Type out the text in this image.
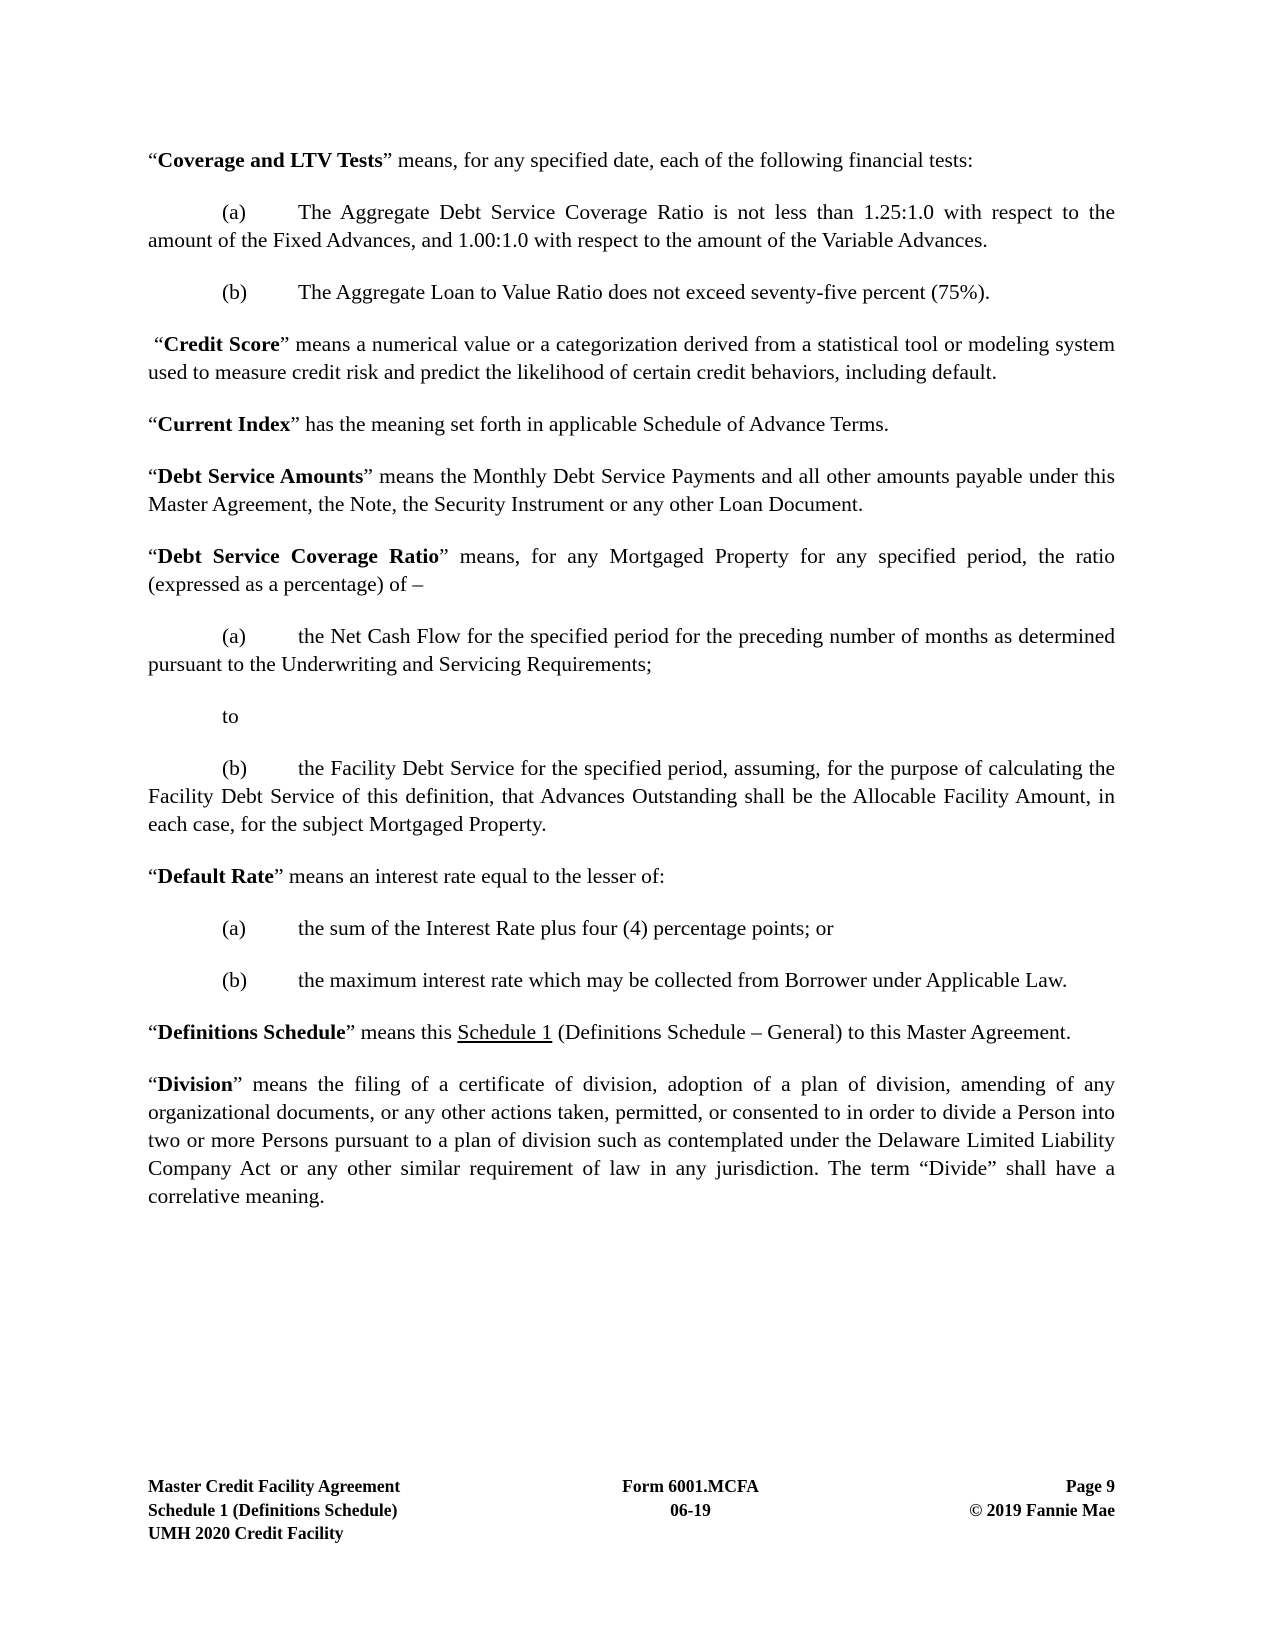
“Coverage and LTV Tests” means, for any specified date, each of the following financial tests:

(a) The Aggregate Debt Service Coverage Ratio is not less than 1.25:1.0 with respect to the amount of the Fixed Advances, and 1.00:1.0 with respect to the amount of the Variable Advances.

(b) The Aggregate Loan to Value Ratio does not exceed seventy-five percent (75%).

“Credit Score” means a numerical value or a categorization derived from a statistical tool or modeling system used to measure credit risk and predict the likelihood of certain credit behaviors, including default.

“Current Index” has the meaning set forth in applicable Schedule of Advance Terms.

“Debt Service Amounts” means the Monthly Debt Service Payments and all other amounts payable under this Master Agreement, the Note, the Security Instrument or any other Loan Document.

“Debt Service Coverage Ratio” means, for any Mortgaged Property for any specified period, the ratio (expressed as a percentage) of –

(a) the Net Cash Flow for the specified period for the preceding number of months as determined pursuant to the Underwriting and Servicing Requirements;

to

(b) the Facility Debt Service for the specified period, assuming, for the purpose of calculating the Facility Debt Service of this definition, that Advances Outstanding shall be the Allocable Facility Amount, in each case, for the subject Mortgaged Property.

“Default Rate” means an interest rate equal to the lesser of:

(a) the sum of the Interest Rate plus four (4) percentage points; or

(b) the maximum interest rate which may be collected from Borrower under Applicable Law.

“Definitions Schedule” means this Schedule 1 (Definitions Schedule – General) to this Master Agreement.

“Division” means the filing of a certificate of division, adoption of a plan of division, amending of any organizational documents, or any other actions taken, permitted, or consented to in order to divide a Person into two or more Persons pursuant to a plan of division such as contemplated under the Delaware Limited Liability Company Act or any other similar requirement of law in any jurisdiction. The term “Divide” shall have a correlative meaning.

Master Credit Facility Agreement
Schedule 1 (Definitions Schedule)
UMH 2020 Credit Facility
Form 6001.MCFA
06-19
Page 9
© 2019 Fannie Mae
